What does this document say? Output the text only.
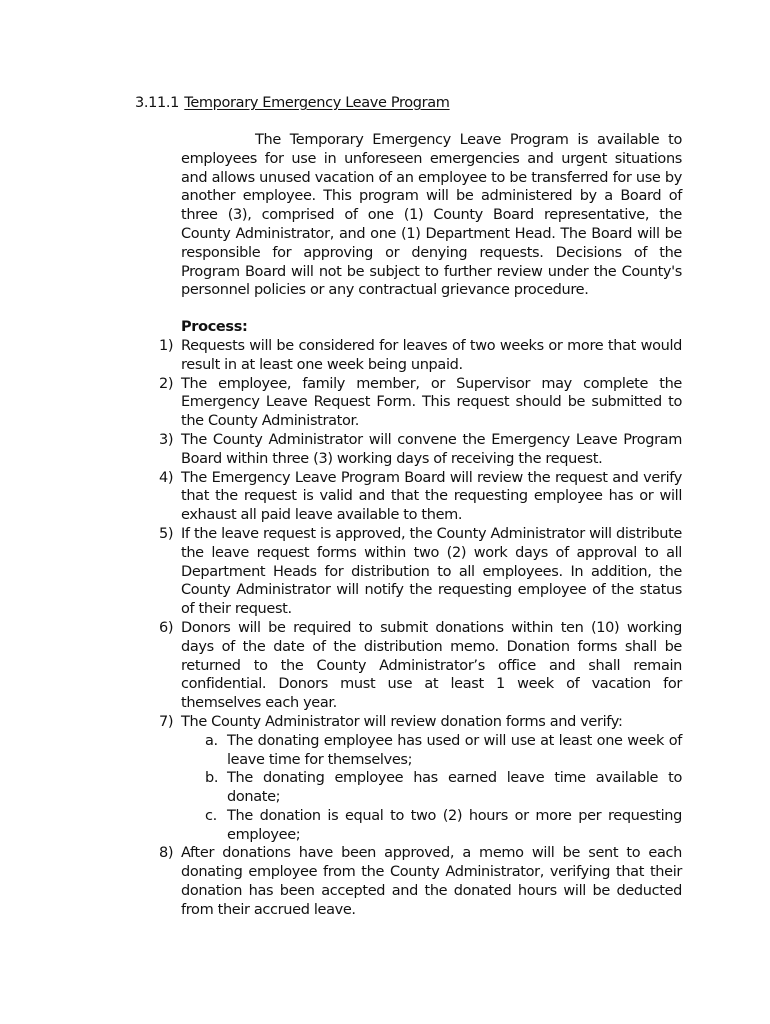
3.11.1 Temporary Emergency Leave Program

The Temporary Emergency Leave Program is available to employees for use in unforeseen emergencies and urgent situations and allows unused vacation of an employee to be transferred for use by another employee. This program will be administered by a Board of three (3), comprised of one (1) County Board representative, the County Administrator, and one (1) Department Head. The Board will be responsible for approving or denying requests. Decisions of the Program Board will not be subject to further review under the County's personnel policies or any contractual grievance procedure.

Process:
1) Requests will be considered for leaves of two weeks or more that would result in at least one week being unpaid.
2) The employee, family member, or Supervisor may complete the Emergency Leave Request Form. This request should be submitted to the County Administrator.
3) The County Administrator will convene the Emergency Leave Program Board within three (3) working days of receiving the request.
4) The Emergency Leave Program Board will review the request and verify that the request is valid and that the requesting employee has or will exhaust all paid leave available to them.
5) If the leave request is approved, the County Administrator will distribute the leave request forms within two (2) work days of approval to all Department Heads for distribution to all employees. In addition, the County Administrator will notify the requesting employee of the status of their request.
6) Donors will be required to submit donations within ten (10) working days of the date of the distribution memo. Donation forms shall be returned to the County Administrator’s office and shall remain confidential. Donors must use at least 1 week of vacation for themselves each year.
7) The County Administrator will review donation forms and verify:
a. The donating employee has used or will use at least one week of leave time for themselves;
b. The donating employee has earned leave time available to donate;
c. The donation is equal to two (2) hours or more per requesting employee;
8) After donations have been approved, a memo will be sent to each donating employee from the County Administrator, verifying that their donation has been accepted and the donated hours will be deducted from their accrued leave.
